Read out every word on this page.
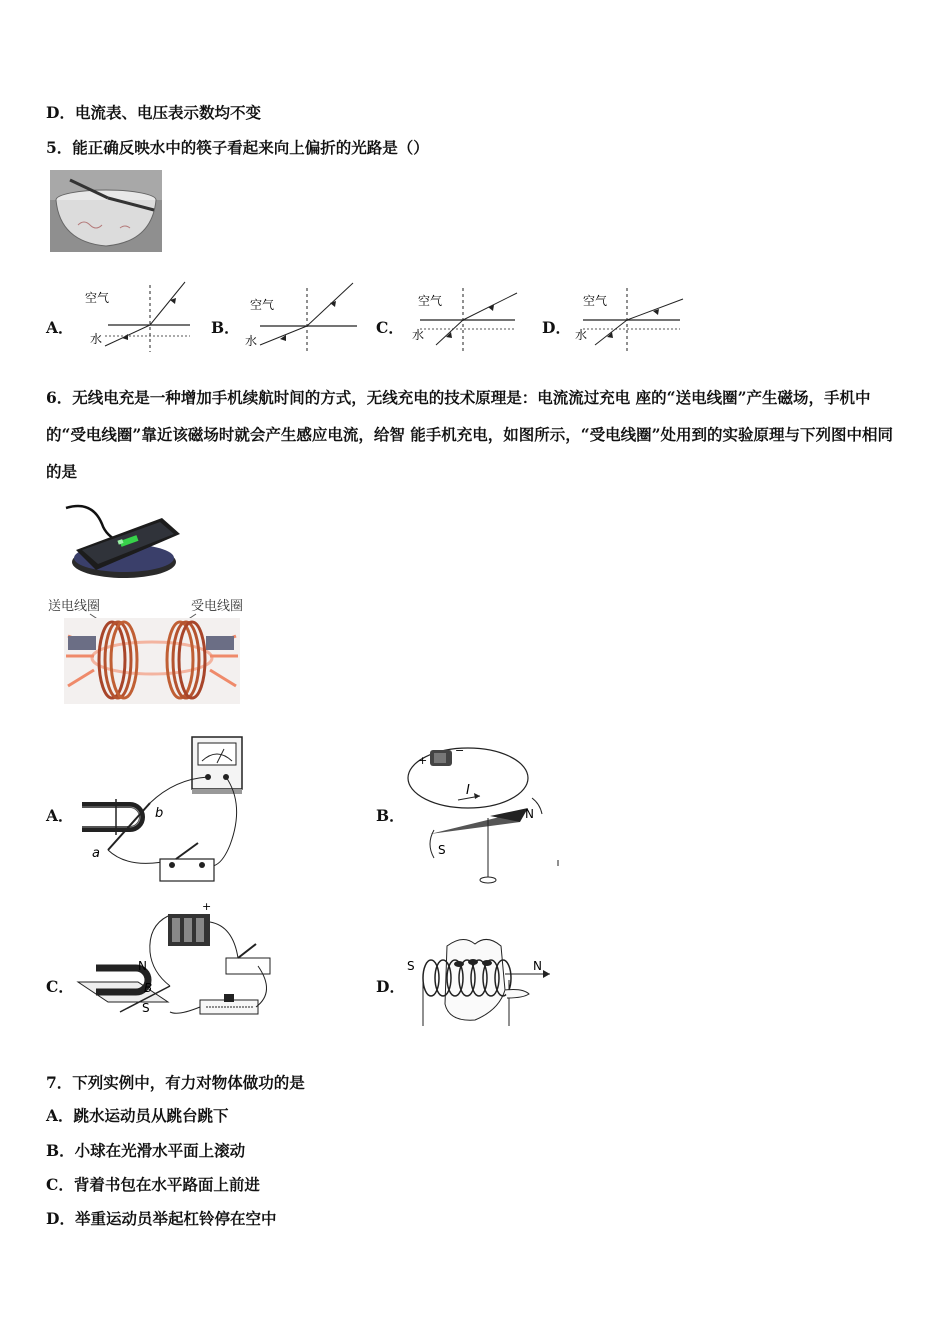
D．电流表、电压表示数均不变
5．能正确反映水中的筷子看起来向上偏折的光路是（）
A．	B．	C．	D．
空气
水
空气
水
空气
水
空气
水
6．无线电充是一种增加手机续航时间的方式，无线充电的技术原理是：电流流过充电 座的“送电线圈”产生磁场，手机中的“受电线圈”靠近该磁场时就会产生感应电流，给智 能手机充电，如图所示，“受电线圈”处用到的实验原理与下列图中相同的是
送电线圈	受电线圈
A．	B．
C．	D．
b
a
+
−
I
N
S
+
N
S
B
S	N
7．下列实例中，有力对物体做功的是
A．跳水运动员从跳台跳下
B．小球在光滑水平面上滚动
C．背着书包在水平路面上前进
D．举重运动员举起杠铃停在空中
